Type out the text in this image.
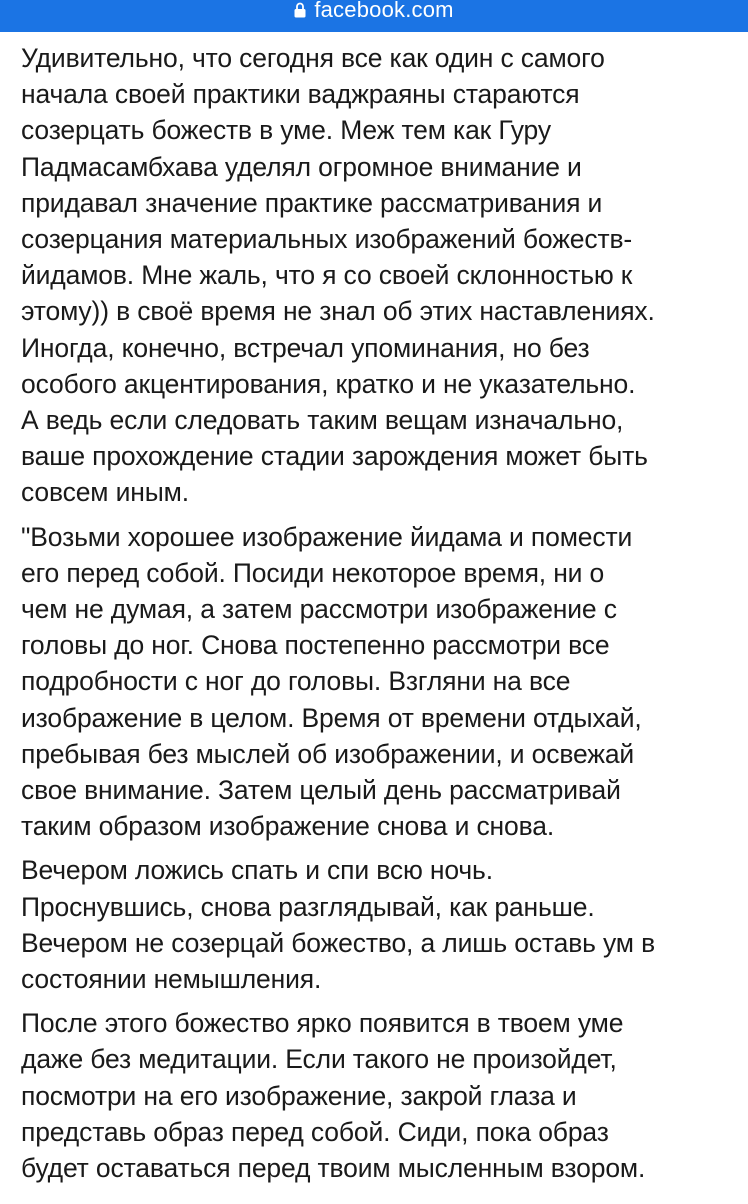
facebook.com

Удивительно, что сегодня все как один с самого
начала своей практики ваджраяны стараются
созерцать божеств в уме. Меж тем как Гуру
Падмасамбхава уделял огромное внимание и
придавал значение практике рассматривания и
созерцания материальных изображений божеств-
йидамов. Мне жаль, что я со своей склонностью к
этому)) в своё время не знал об этих наставлениях.
Иногда, конечно, встречал упоминания, но без
особого акцентирования, кратко и не указательно.
А ведь если следовать таким вещам изначально,
ваше прохождение стадии зарождения может быть
совсем иным.

"Возьми хорошее изображение йидама и помести
его перед собой. Посиди некоторое время, ни о
чем не думая, а затем рассмотри изображение с
головы до ног. Снова постепенно рассмотри все
подробности с ног до головы. Взгляни на все
изображение в целом. Время от времени отдыхай,
пребывая без мыслей об изображении, и освежай
свое внимание. Затем целый день рассматривай
таким образом изображение снова и снова.

Вечером ложись спать и спи всю ночь.
Проснувшись, снова разглядывай, как раньше.
Вечером не созерцай божество, а лишь оставь ум в
состоянии немышления.

После этого божество ярко появится в твоем уме
даже без медитации. Если такого не произойдет,
посмотри на его изображение, закрой глаза и
представь образ перед собой. Сиди, пока образ
будет оставаться перед твоим мысленным взором.
